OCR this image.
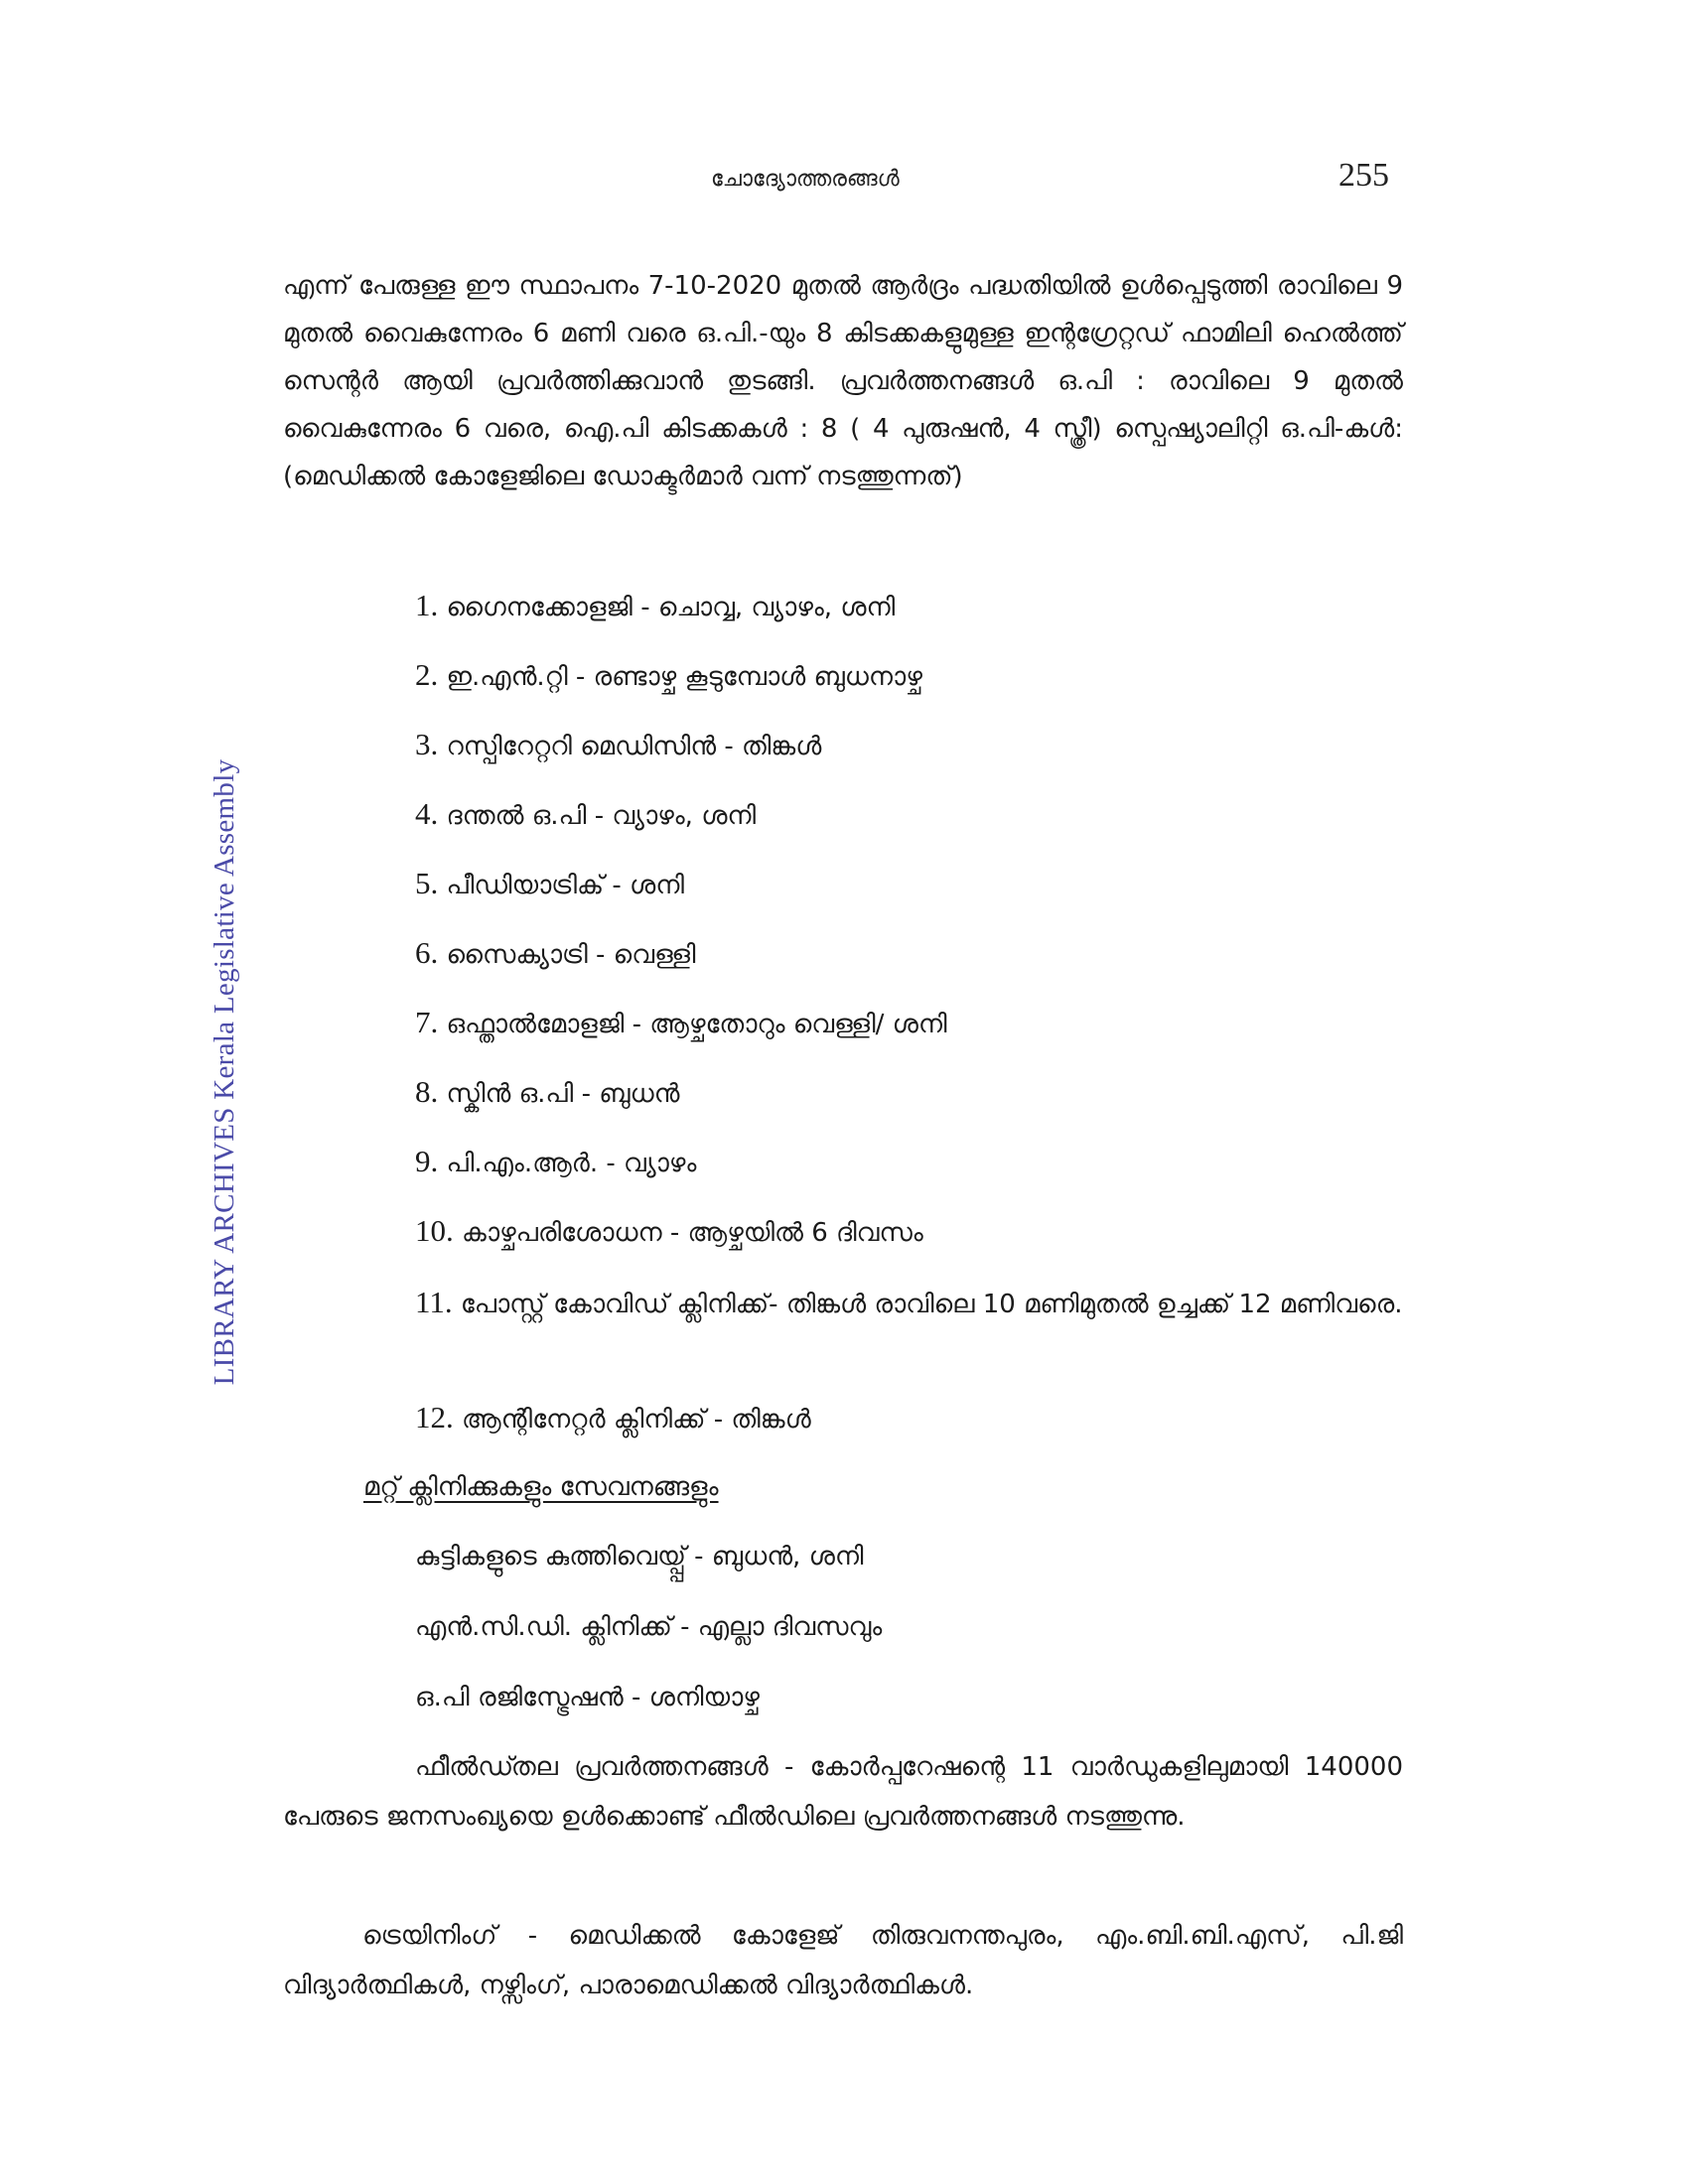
ചോദ്യോത്തരങ്ങൾ	255
LIBRARY ARCHIVES Kerala Legislative Assembly
എന്ന് പേരുള്ള ഈ സ്ഥാപനം 7-10-2020 മുതൽ ആർദ്രം പദ്ധതിയിൽ ഉൾപ്പെടുത്തി രാവിലെ 9 മുതൽ വൈകുന്നേരം 6 മണി വരെ ഒ.പി.-യും 8 കിടക്കകളുമുള്ള ഇന്റഗ്രേറ്റഡ് ഫാമിലി ഹെൽത്ത് സെന്റർ ആയി പ്രവർത്തിക്കുവാൻ തുടങ്ങി. പ്രവർത്തനങ്ങൾ ഒ.പി : രാവിലെ 9 മുതൽ വൈകുന്നേരം 6 വരെ, ഐ.പി കിടക്കകൾ : 8 ( 4 പുരുഷൻ, 4 സ്ത്രീ) സ്പെഷ്യാലിറ്റി ഒ.പി-കൾ: (മെഡിക്കൽ കോളേജിലെ ഡോക്ടർമാർ വന്ന് നടത്തുന്നത്)
1. ഗൈനക്കോളജി - ചൊവ്വ, വ്യാഴം, ശനി
2. ഇ.എൻ.റ്റി - രണ്ടാഴ്ച കൂടുമ്പോൾ ബുധനാഴ്ച
3. റസ്പിറേറ്ററി മെഡിസിൻ - തിങ്കൾ
4. ദന്തൽ ഒ.പി - വ്യാഴം, ശനി
5. പീഡിയാട്രിക് - ശനി
6. സൈക്യാട്രി - വെള്ളി
7. ഒഫ്താൽമോളജി - ആഴ്ചതോറും വെള്ളി/ ശനി
8. സ്കിൻ ഒ.പി - ബുധൻ
9. പി.എം.ആർ. - വ്യാഴം
10. കാഴ്ചപരിശോധന - ആഴ്ചയിൽ 6 ദിവസം
11. പോസ്റ്റ് കോവിഡ് ക്ലിനിക്ക്- തിങ്കൾ രാവിലെ 10 മണിമുതൽ ഉച്ചക്ക് 12 മണിവരെ.
12. ആന്റിനേറ്റർ ക്ലിനിക്ക് - തിങ്കൾ
മറ്റ് ക്ലിനിക്കുകളും സേവനങ്ങളും
കുട്ടികളുടെ കുത്തിവെയ്പ്പ് - ബുധൻ, ശനി
എൻ.സി.ഡി. ക്ലിനിക്ക് - എല്ലാ ദിവസവും
ഒ.പി രജിസ്ട്രേഷൻ - ശനിയാഴ്ച
ഫീൽഡ്തല പ്രവർത്തനങ്ങൾ - കോർപ്പറേഷന്റെ 11 വാർഡുകളിലുമായി 140000 പേരുടെ ജനസംഖ്യയെ ഉൾക്കൊണ്ട് ഫീൽഡിലെ പ്രവർത്തനങ്ങൾ നടത്തുന്നു.
ട്രെയിനിംഗ് - മെഡിക്കൽ കോളേജ് തിരുവനന്തപുരം, എം.ബി.ബി.എസ്, പി.ജി വിദ്യാർത്ഥികൾ, നഴ്സിംഗ്, പാരാമെഡിക്കൽ വിദ്യാർത്ഥികൾ.
